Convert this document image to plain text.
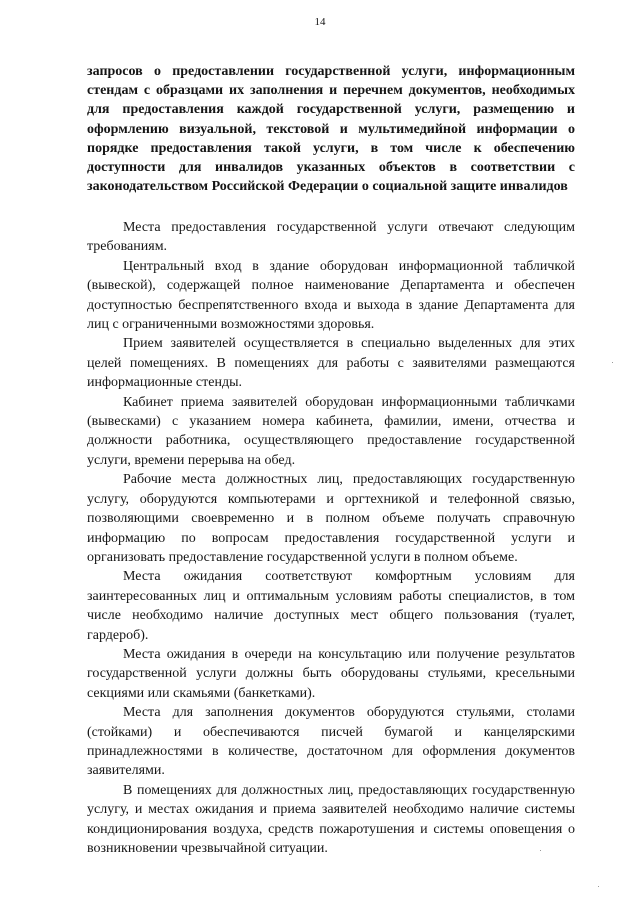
14
запросов о предоставлении государственной услуги, информационным стендам с образцами их заполнения и перечнем документов, необходимых для предоставления каждой государственной услуги, размещению и оформлению визуальной, текстовой и мультимедийной информации о порядке предоставления такой услуги, в том числе к обеспечению доступности для инвалидов указанных объектов в соответствии с законодательством Российской Федерации о социальной защите инвалидов

Места предоставления государственной услуги отвечают следующим требованиям.

Центральный вход в здание оборудован информационной табличкой (вывеской), содержащей полное наименование Департамента и обеспечен доступностью беспрепятственного входа и выхода в здание Департамента для лиц с ограниченными возможностями здоровья.

Прием заявителей осуществляется в специально выделенных для этих целей помещениях. В помещениях для работы с заявителями размещаются информационные стенды.

Кабинет приема заявителей оборудован информационными табличками (вывесками) с указанием номера кабинета, фамилии, имени, отчества и должности работника, осуществляющего предоставление государственной услуги, времени перерыва на обед.

Рабочие места должностных лиц, предоставляющих государственную услугу, оборудуются компьютерами и оргтехникой и телефонной связью, позволяющими своевременно и в полном объеме получать справочную информацию по вопросам предоставления государственной услуги и организовать предоставление государственной услуги в полном объеме.

Места ожидания соответствуют комфортным условиям для заинтересованных лиц и оптимальным условиям работы специалистов, в том числе необходимо наличие доступных мест общего пользования (туалет, гардероб).

Места ожидания в очереди на консультацию или получение результатов государственной услуги должны быть оборудованы стульями, кресельными секциями или скамьями (банкетками).

Места для заполнения документов оборудуются стульями, столами (стойками) и обеспечиваются писчей бумагой и канцелярскими принадлежностями в количестве, достаточном для оформления документов заявителями.

В помещениях для должностных лиц, предоставляющих государственную услугу, и местах ожидания и приема заявителей необходимо наличие системы кондиционирования воздуха, средств пожаротушения и системы оповещения о возникновении чрезвычайной ситуации.
